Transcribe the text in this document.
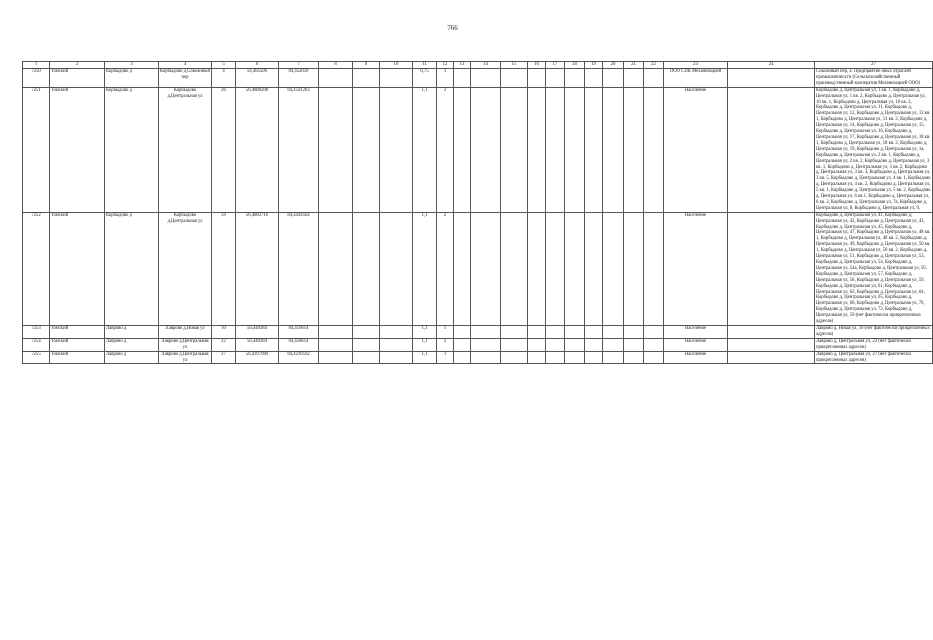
766
1	2	3	4	5	6	7	8	9	10	11	12	13	14	15	16	17	18	19	20	21	22	23	24	27
7250	Томский	Корбыдово д	Корбыдово д,Соколиный пер	4	56,485506	84,452039				0,75	1											ООО СПК Механизацией		Соколиный пер, 4. Предприятие иных отраслей промышленности (Сельскохозяйственный производственный кооператив Механизацией ООО)
7251	Томский	Корбыдово д	Корбыдово д,Центральная ул	26	56,4880208	84,4541203				1,1	2											Население		Корбыдово д, Центральная ул, 1 кв. 1, Корбыдово д, Центральная ул, 1 кв. 2, Корбыдово д, Центральная ул, 10 кв. 1, Корбыдово д, Центральная ул, 10 кв. 2, Корбыдово д, Центральная ул, 11, Корбыдово д, Центральная ул, 12, Корбыдово д, Центральная ул, 13 кв. 1, Корбыдово д, Центральная ул, 13 кв. 2, Корбыдово д, Центральная ул, 14, Корбыдово д, Центральная ул, 15, Корбыдово д, Центральная ул, 16, Корбыдово д, Центральная ул, 17, Корбыдово д, Центральная ул, 18 кв. 1, Корбыдово д, Центральная ул, 18 кв. 2, Корбыдово д, Центральная ул, 19, Корбыдово д, Центральная ул, 1а, Корбыдово д, Центральная ул, 2 кв. 1, Корбыдово д, Центральная ул, 2 кв. 2, Корбыдово д, Центральная ул, 3 кв. 1, Корбыдово д, Центральная ул, 3 кв. 2, Корбыдово д, Центральная ул, 3 кв. 3, Корбыдово д, Центральная ул, 3 кв. 5, Корбыдово д, Центральная ул, 4 кв. 1, Корбыдово д, Центральная ул, 4 кв. 2, Корбыдово д, Центральная ул, 5 кв. 1, Корбыдово д, Центральная ул, 5 кв. 2, Корбыдово д, Центральная ул, 6 кв.1, Корбыдово д, Центральная ул, 6 кв. 2, Корбыдово д, Центральная ул, 7а, Корбыдово д, Центральная ул, 8, Корбыдово д, Центральная ул, 9,
7252	Томский	Корбыдово д	Корбыдово д,Центральная ул	59	56,4882716	84,4434564				1,1	2											Население		Корбыдово д, Центральная ул, 41, Корбыдово д, Центральная ул, 42, Корбыдово д, Центральная ул, 43, Корбыдово д, Центральная ул, 45, Корбыдово д, Центральная ул, 47, Корбыдово д, Центральная ул, 48 кв. 1, Корбыдово д, Центральная ул, 48 кв. 2, Корбыдово д, Центральная ул, 49, Корбыдово д, Центральная ул, 50 кв. 1, Корбыдово д, Центральная ул, 50 кв. 2, Корбыдово д, Центральная ул, 51, Корбыдово д, Центральная ул, 53, Корбыдово д, Центральная ул, 54, Корбыдово д, Центральная ул, 54а, Корбыдово д, Центральная ул, 56, Корбыдово д, Центральная ул, 57, Корбыдово д, Центральная ул, 58, Корбыдово д, Центральная ул, 59, Корбыдово д, Центральная ул, 61, Корбыдово д, Центральная ул, 62, Корбыдово д, Центральная ул, 64, Корбыдово д, Центральная ул, 65, Корбыдово д, Центральная ул, 68, Корбыдово д, Центральная ул, 70, Корбыдово д, Центральная ул, 72, Корбыдово д, Центральная ул, 59 (нет фактически прикрепленных адресов)
7253	Томский	Лаврово д	Лаврово д,Новая ул	10	56,440384	84,459614				1,1	1											Население		Лаврово д, Новая ул, 10 (нет фактически прикрепленных адресов)
7254	Томский	Лаврово д	Лаврово д,Центральная ул	22	56,440384	84,458614				1,1	2											Население		Лаврово д, Центральная ул, 22 (нет фактически прикрепленных адресов)
7255	Томский	Лаврово д	Лаврово д,Центральная ул	27	56,4397989	84,4218592				1,1	1											Население		Лаврово д, Центральная ул, 27 (нет фактически прикрепленных адресов)
